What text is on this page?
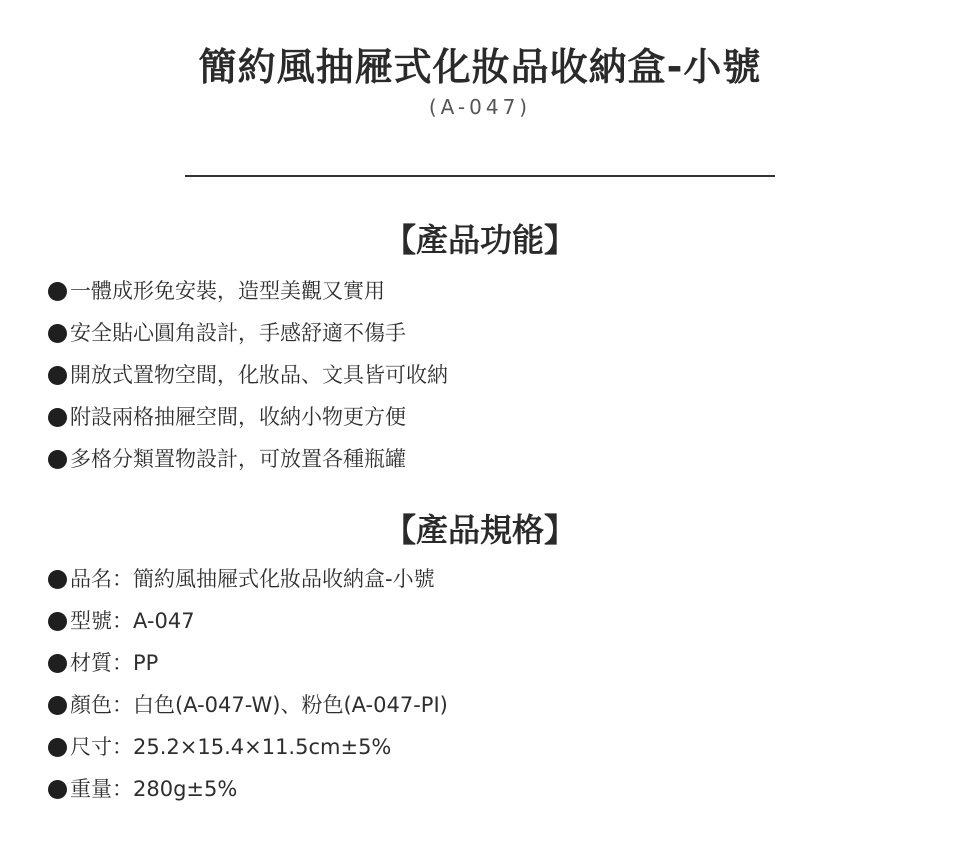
簡約風抽屜式化妝品收納盒-小號
(A-047)
【產品功能】
一體成形免安裝，造型美觀又實用
安全貼心圓角設計，手感舒適不傷手
開放式置物空間，化妝品、文具皆可收納
附設兩格抽屜空間，收納小物更方便
多格分類置物設計，可放置各種瓶罐
【產品規格】
品名：簡約風抽屜式化妝品收納盒-小號
型號：A-047
材質：PP
顏色：白色(A-047-W)、粉色(A-047-PI)
尺寸：25.2×15.4×11.5cm±5%
重量：280g±5%
